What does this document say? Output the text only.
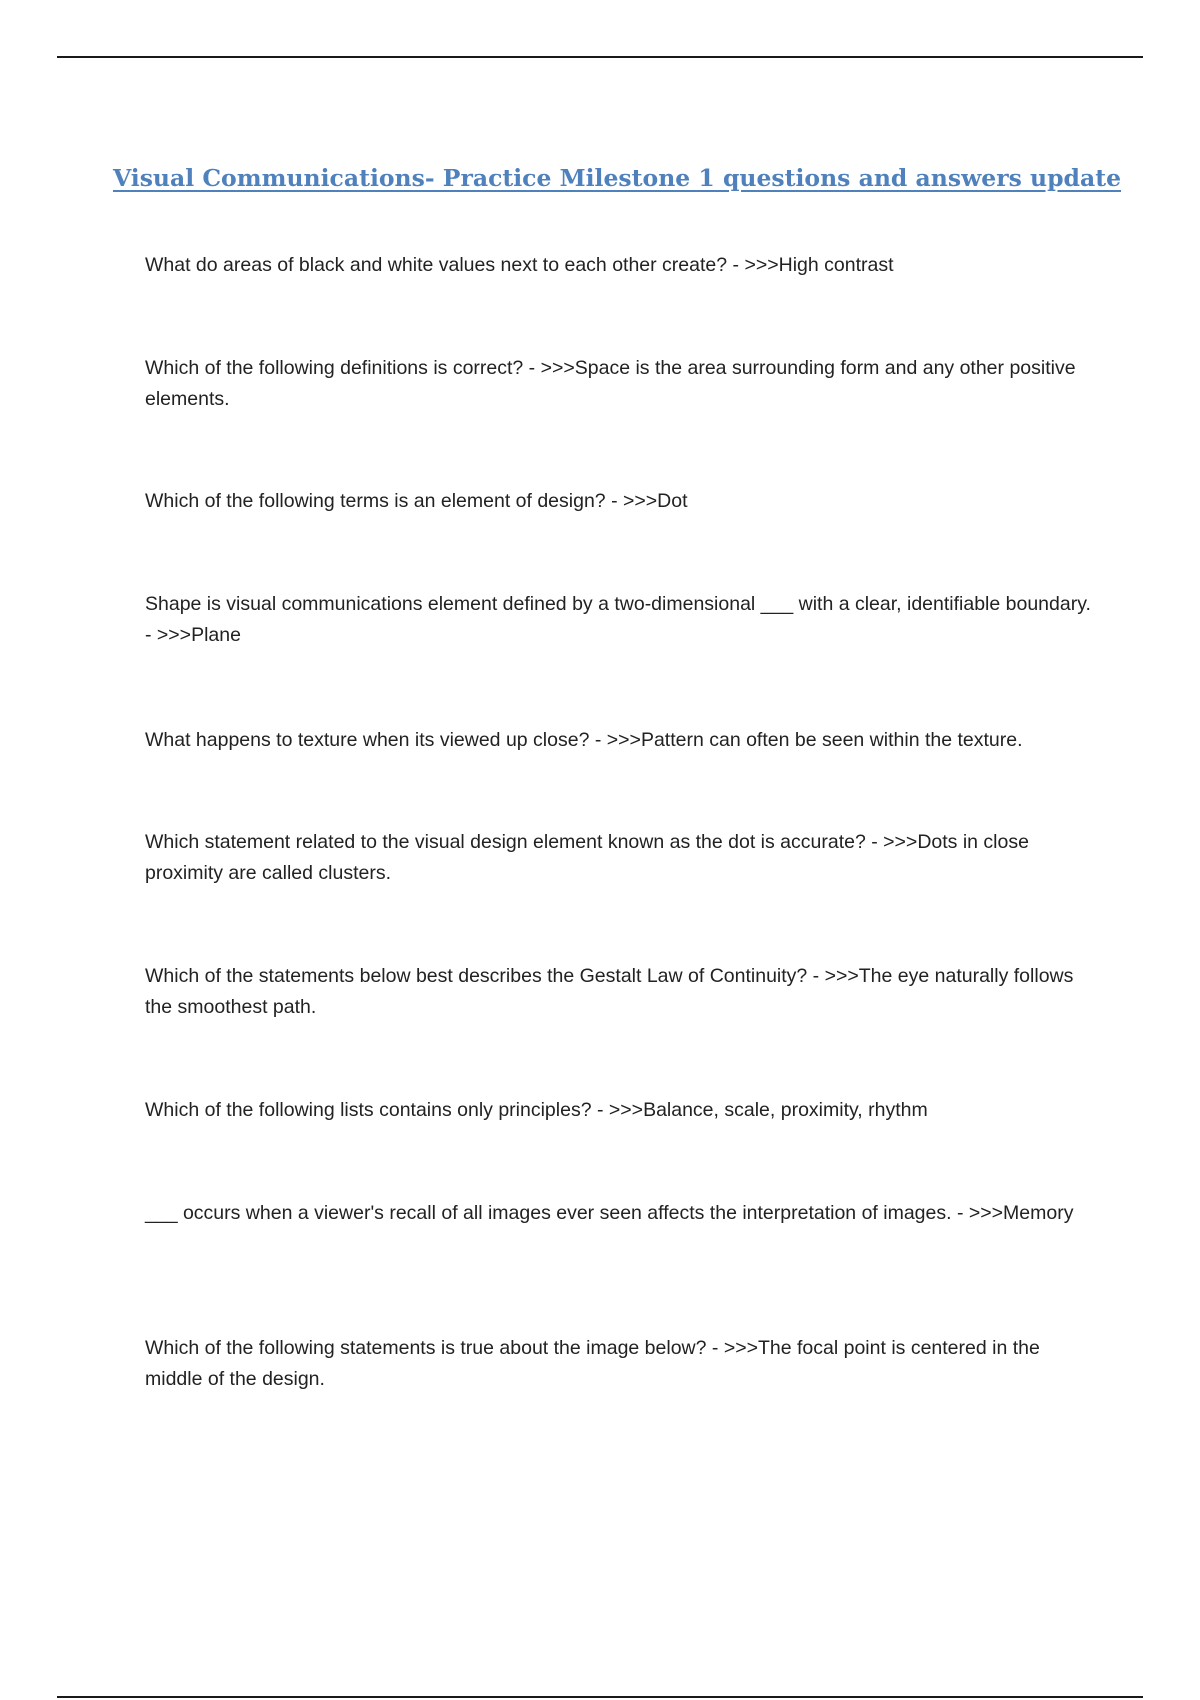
Visual Communications- Practice Milestone 1 questions and answers update

What do areas of black and white values next to each other create? - >>>High contrast

Which of the following definitions is correct? - >>>Space is the area surrounding form and any other positive elements.

Which of the following terms is an element of design? - >>>Dot

Shape is visual communications element defined by a two-dimensional ___ with a clear, identifiable boundary. - >>>Plane

What happens to texture when its viewed up close? - >>>Pattern can often be seen within the texture.

Which statement related to the visual design element known as the dot is accurate? - >>>Dots in close proximity are called clusters.

Which of the statements below best describes the Gestalt Law of Continuity? - >>>The eye naturally follows the smoothest path.

Which of the following lists contains only principles? - >>>Balance, scale, proximity, rhythm

___ occurs when a viewer's recall of all images ever seen affects the interpretation of images. - >>>Memory

Which of the following statements is true about the image below? - >>>The focal point is centered in the middle of the design.
